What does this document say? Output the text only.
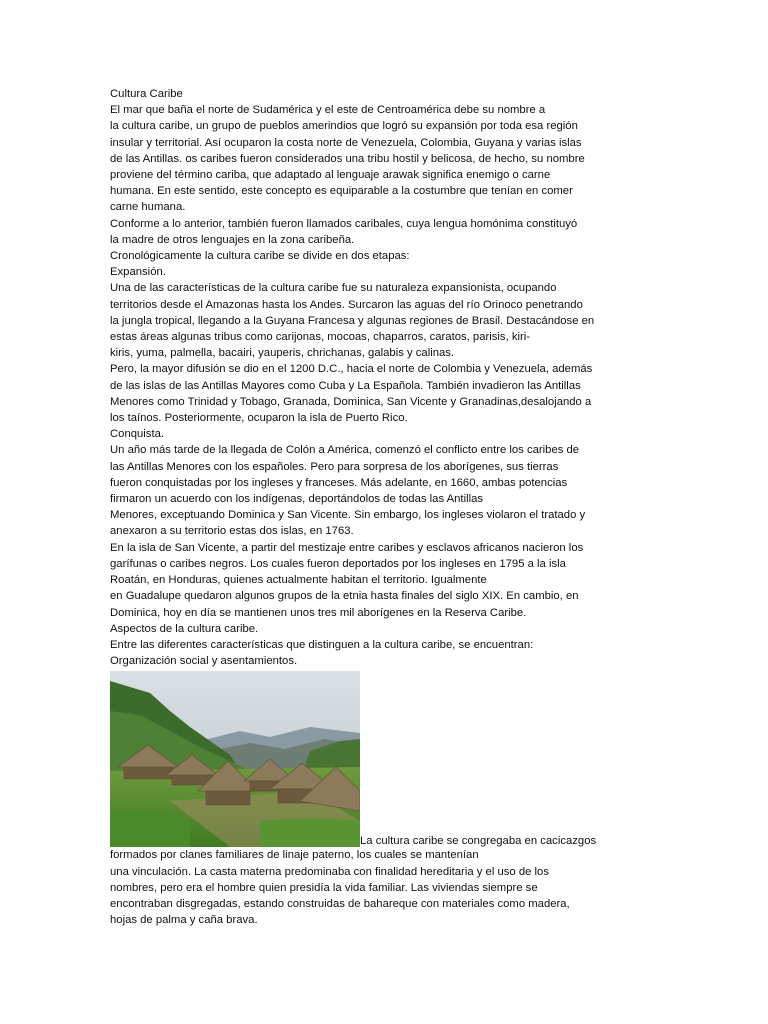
Cultura Caribe
El mar que baña el norte de Sudamérica y el este de Centroamérica debe su nombre a
la cultura caribe, un grupo de pueblos amerindios que logró su expansión por toda esa región
insular y territorial. Así ocuparon la costa norte de Venezuela, Colombia, Guyana y varias islas
de las Antillas. os caribes fueron considerados una tribu hostil y belicosa, de hecho, su nombre
proviene del término cariba, que adaptado al lenguaje arawak significa enemigo o carne
humana. En este sentido, este concepto es equiparable a la costumbre que tenían en comer
carne humana.
Conforme a lo anterior, también fueron llamados caribales, cuya lengua homónima constituyó
la madre de otros lenguajes en la zona caribeña.
Cronológicamente la cultura caribe se divide en dos etapas:
Expansión.
Una de las características de la cultura caribe fue su naturaleza expansionista, ocupando
territorios desde el Amazonas hasta los Andes. Surcaron las aguas del río Orinoco penetrando
la jungla tropical, llegando a la Guyana Francesa y algunas regiones de Brasil. Destacándose en
estas áreas algunas tribus como carijonas, mocoas, chaparros, caratos, parisis, kiri-
kiris, yuma, palmella, bacairi, yauperis, chrichanas, galabis y calinas.
Pero, la mayor difusión se dio en el 1200 D.C., hacia el norte de Colombia y Venezuela, además
de las islas de las Antillas Mayores como Cuba y La Española. También invadieron las Antillas
Menores como Trinidad y Tobago, Granada, Dominica, San Vicente y Granadinas,desalojando a
los taínos. Posteriormente, ocuparon la isla de Puerto Rico.
Conquista.
Un año más tarde de la llegada de Colón a América, comenzó el conflicto entre los caribes de
las Antillas Menores con los españoles. Pero para sorpresa de los aborígenes, sus tierras
fueron conquistadas por los ingleses y franceses. Más adelante, en 1660, ambas potencias
firmaron un acuerdo con los indígenas, deportándolos de todas las Antillas
Menores, exceptuando Dominica y San Vicente. Sin embargo, los ingleses violaron el tratado y
anexaron a su territorio estas dos islas, en 1763.
En la isla de San Vicente, a partir del mestizaje entre caribes y esclavos africanos nacieron los
garífunas o caribes negros. Los cuales fueron deportados por los ingleses en 1795 a la isla
Roatán, en Honduras, quienes actualmente habitan el territorio. Igualmente
en Guadalupe quedaron algunos grupos de la etnia hasta finales del siglo XIX. En cambio, en
Dominica, hoy en día se mantienen unos tres mil aborígenes en la Reserva Caribe.
Aspectos de la cultura caribe.
Entre las diferentes características que distinguen a la cultura caribe, se encuentran:
Organización social y asentamientos.
La cultura caribe se congregaba en cacicazgos
formados por clanes familiares de linaje paterno, los cuales se mantenían
una vinculación. La casta materna predominaba con finalidad hereditaria y el uso de los
nombres, pero era el hombre quien presidía la vida familiar. Las viviendas siempre se
encontraban disgregadas, estando construidas de bahareque con materiales como madera,
hojas de palma y caña brava.
